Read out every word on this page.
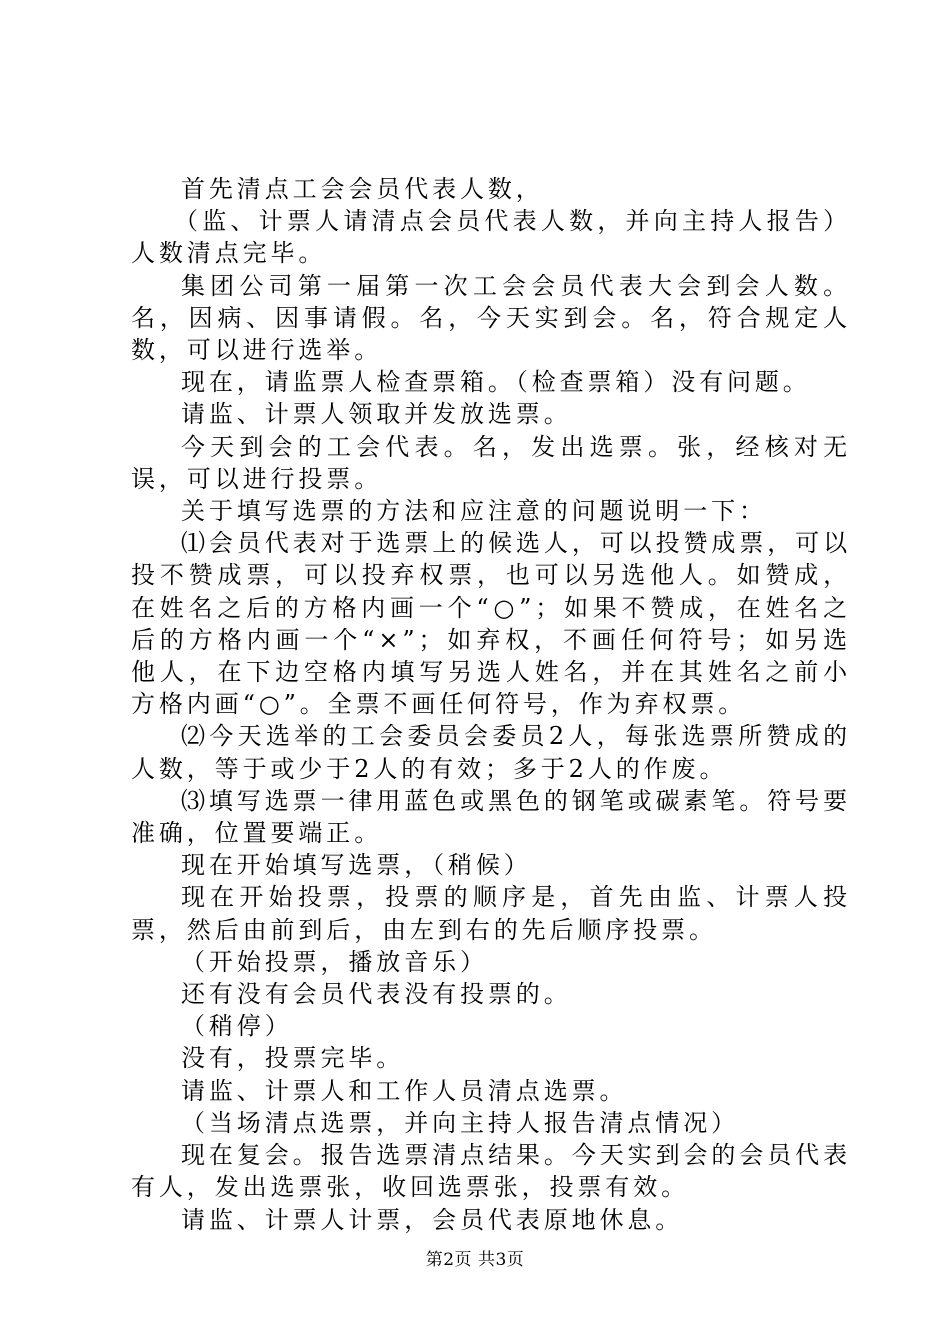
首先清点工会会员代表人数，

（监、计票人请清点会员代表人数，并向主持人报告）人数清点完毕。

集团公司第一届第一次工会会员代表大会到会人数。名，因病、因事请假。名，今天实到会。名，符合规定人数，可以进行选举。

现在，请监票人检查票箱。（检查票箱）没有问题。

请监、计票人领取并发放选票。

今天到会的工会代表。名，发出选票。张，经核对无误，可以进行投票。

关于填写选票的方法和应注意的问题说明一下：

⑴会员代表对于选票上的候选人，可以投赞成票，可以投不赞成票，可以投弃权票，也可以另选他人。如赞成，在姓名之后的方格内画一个“○”；如果不赞成，在姓名之后的方格内画一个“×”；如弃权，不画任何符号；如另选他人，在下边空格内填写另选人姓名，并在其姓名之前小方格内画“○”。全票不画任何符号，作为弃权票。

⑵今天选举的工会委员会委员2人，每张选票所赞成的人数，等于或少于2人的有效；多于2人的作废。

⑶填写选票一律用蓝色或黑色的钢笔或碳素笔。符号要准确，位置要端正。

现在开始填写选票，（稍候）

现在开始投票，投票的顺序是，首先由监、计票人投票，然后由前到后，由左到右的先后顺序投票。

（开始投票，播放音乐）

还有没有会员代表没有投票的。

（稍停）

没有，投票完毕。

请监、计票人和工作人员清点选票。

（当场清点选票，并向主持人报告清点情况）

现在复会。报告选票清点结果。今天实到会的会员代表有人，发出选票张，收回选票张，投票有效。

请监、计票人计票，会员代表原地休息。

第2页 共3页
